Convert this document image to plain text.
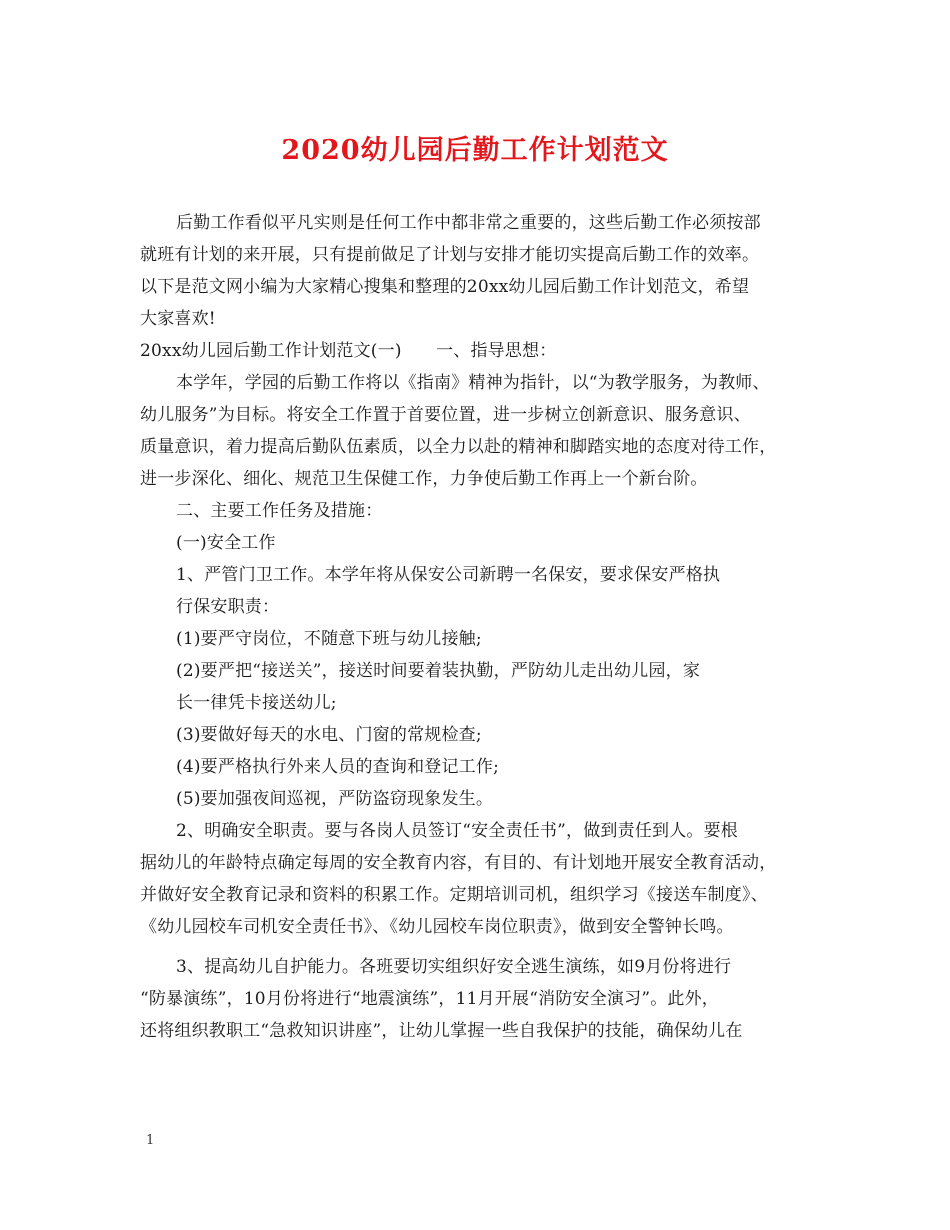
2020幼儿园后勤工作计划范文
后勤工作看似平凡实则是任何工作中都非常之重要的，这些后勤工作必须按部
就班有计划的来开展，只有提前做足了计划与安排才能切实提高后勤工作的效率。
以下是范文网小编为大家精心搜集和整理的20xx幼儿园后勤工作计划范文，希望
大家喜欢!
20xx幼儿园后勤工作计划范文(一)　　一、指导思想：
本学年，学园的后勤工作将以《指南》精神为指针，以“为教学服务，为教师、
幼儿服务”为目标。将安全工作置于首要位置，进一步树立创新意识、服务意识、
质量意识，着力提高后勤队伍素质，以全力以赴的精神和脚踏实地的态度对待工作，
进一步深化、细化、规范卫生保健工作，力争使后勤工作再上一个新台阶。
二、主要工作任务及措施：
(一)安全工作
1、严管门卫工作。本学年将从保安公司新聘一名保安，要求保安严格执
行保安职责：
(1)要严守岗位，不随意下班与幼儿接触;
(2)要严把“接送关”，接送时间要着装执勤，严防幼儿走出幼儿园，家
长一律凭卡接送幼儿;
(3)要做好每天的水电、门窗的常规检查;
(4)要严格执行外来人员的查询和登记工作;
(5)要加强夜间巡视，严防盗窃现象发生。
2、明确安全职责。要与各岗人员签订“安全责任书”，做到责任到人。要根
据幼儿的年龄特点确定每周的安全教育内容，有目的、有计划地开展安全教育活动，
并做好安全教育记录和资料的积累工作。定期培训司机，组织学习《接送车制度》、
《幼儿园校车司机安全责任书》、《幼儿园校车岗位职责》，做到安全警钟长鸣。
3、提高幼儿自护能力。各班要切实组织好安全逃生演练，如9月份将进行
“防暴演练”，10月份将进行“地震演练”，11月开展“消防安全演习”。此外，
还将组织教职工“急救知识讲座”，让幼儿掌握一些自我保护的技能，确保幼儿在
1
